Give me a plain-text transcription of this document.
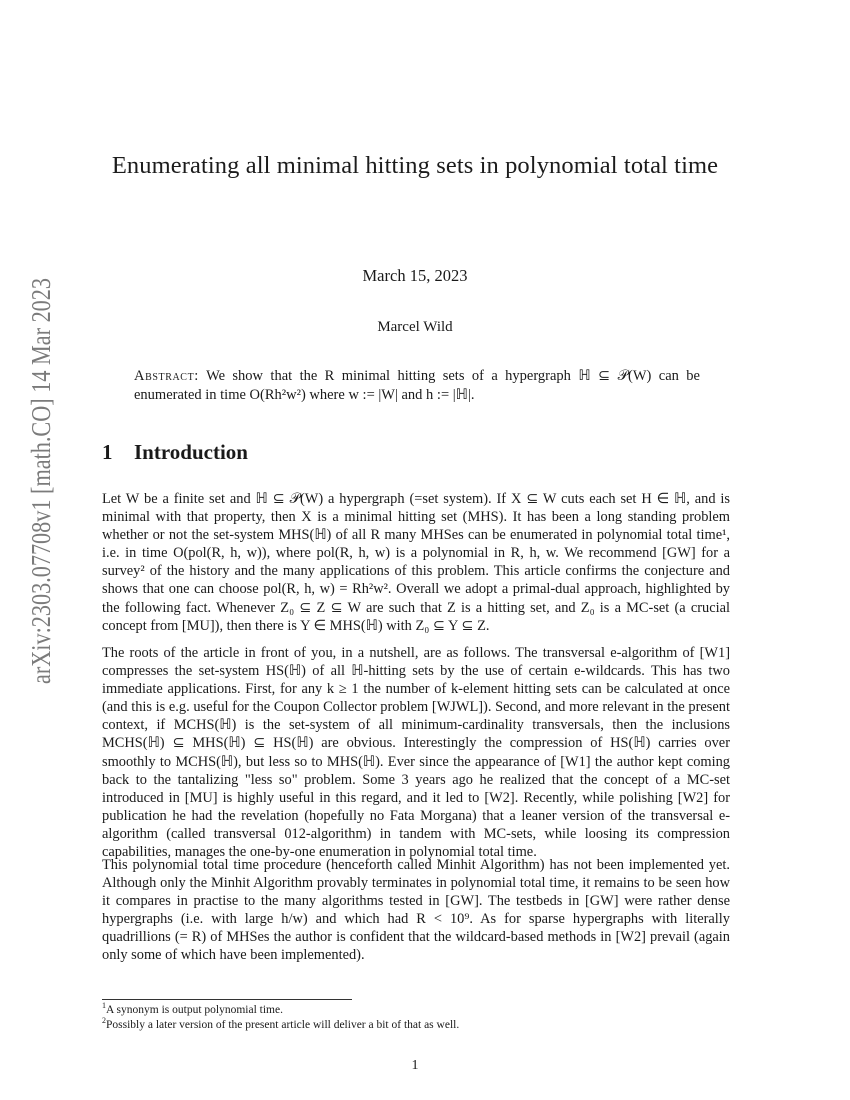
arXiv:2303.07708v1 [math.CO] 14 Mar 2023
Enumerating all minimal hitting sets in polynomial total time
March 15, 2023
Marcel Wild
Abstract: We show that the R minimal hitting sets of a hypergraph ℍ ⊆ 𝒫(W) can be enumerated in time O(Rh²w²) where w := |W| and h := |ℍ|.
1 Introduction

Let W be a finite set and ℍ ⊆ 𝒫(W) a hypergraph (=set system). If X ⊆ W cuts each set H ∈ ℍ, and is minimal with that property, then X is a minimal hitting set (MHS). It has been a long standing problem whether or not the set-system MHS(ℍ) of all R many MHSes can be enumerated in polynomial total time¹, i.e. in time O(pol(R, h, w)), where pol(R, h, w) is a polynomial in R, h, w. We recommend [GW] for a survey² of the history and the many applications of this problem. This article confirms the conjecture and shows that one can choose pol(R, h, w) = Rh²w². Overall we adopt a primal-dual approach, highlighted by the following fact. Whenever Z₀ ⊆ Z ⊆ W are such that Z is a hitting set, and Z₀ is a MC-set (a crucial concept from [MU]), then there is Y ∈ MHS(ℍ) with Z₀ ⊆ Y ⊆ Z.

The roots of the article in front of you, in a nutshell, are as follows. The transversal e-algorithm of [W1] compresses the set-system HS(ℍ) of all ℍ-hitting sets by the use of certain e-wildcards. This has two immediate applications. First, for any k ≥ 1 the number of k-element hitting sets can be calculated at once (and this is e.g. useful for the Coupon Collector problem [WJWL]). Second, and more relevant in the present context, if MCHS(ℍ) is the set-system of all minimum-cardinality transversals, then the inclusions MCHS(ℍ) ⊆ MHS(ℍ) ⊆ HS(ℍ) are obvious. Interestingly the compression of HS(ℍ) carries over smoothly to MCHS(ℍ), but less so to MHS(ℍ). Ever since the appearance of [W1] the author kept coming back to the tantalizing "less so" problem. Some 3 years ago he realized that the concept of a MC-set introduced in [MU] is highly useful in this regard, and it led to [W2]. Recently, while polishing [W2] for publication he had the revelation (hopefully no Fata Morgana) that a leaner version of the transversal e-algorithm (called transversal 012-algorithm) in tandem with MC-sets, while loosing its compression capabilities, manages the one-by-one enumeration in polynomial total time.

This polynomial total time procedure (henceforth called Minhit Algorithm) has not been implemented yet. Although only the Minhit Algorithm provably terminates in polynomial total time, it remains to be seen how it compares in practise to the many algorithms tested in [GW]. The testbeds in [GW] were rather dense hypergraphs (i.e. with large h/w) and which had R < 10⁹. As for sparse hypergraphs with literally quadrillions (= R) of MHSes the author is confident that the wildcard-based methods in [W2] prevail (again only some of which have been implemented).

$^1$A synonym is output polynomial time.
$^2$Possibly a later version of the present article will deliver a bit of that as well.
1
